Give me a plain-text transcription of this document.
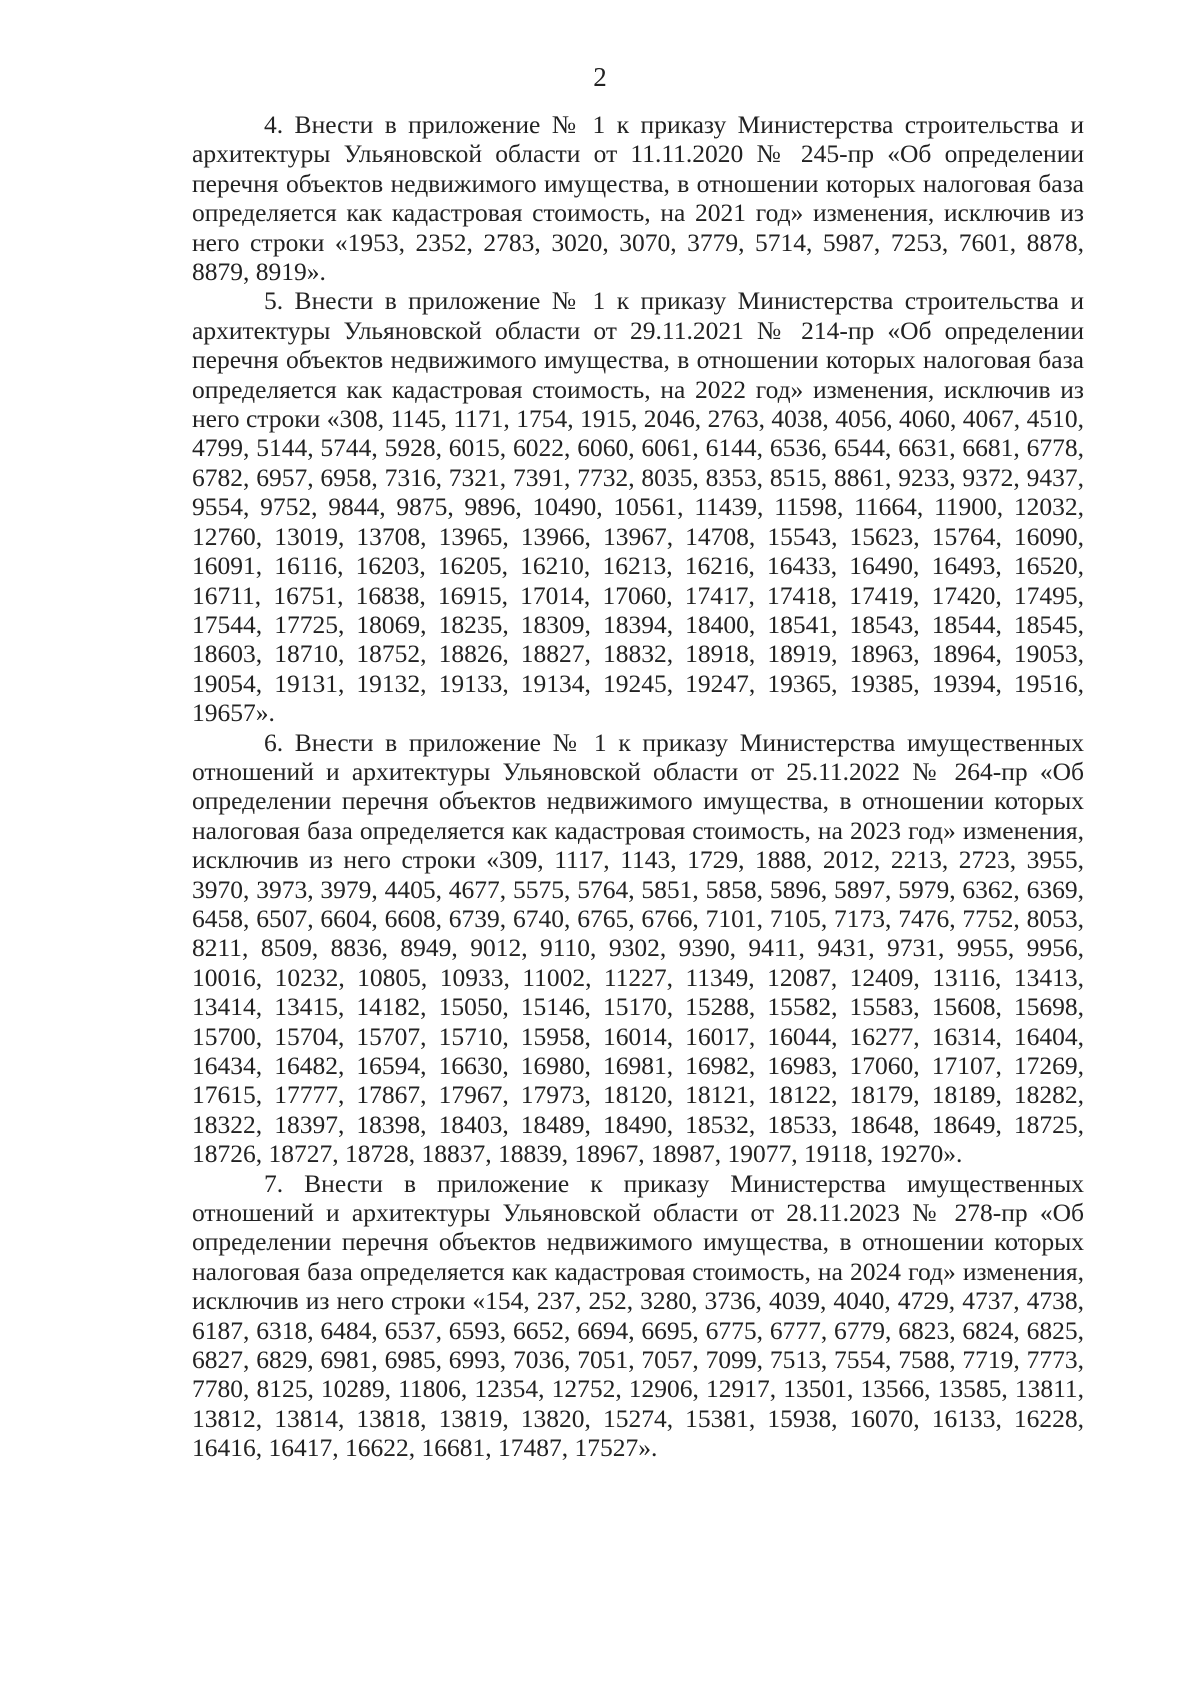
2

4. Внести в приложение № 1 к приказу Министерства строительства и архитектуры Ульяновской области от 11.11.2020 № 245-пр «Об определении перечня объектов недвижимого имущества, в отношении которых налоговая база определяется как кадастровая стоимость, на 2021 год» изменения, исключив из него строки «1953, 2352, 2783, 3020, 3070, 3779, 5714, 5987, 7253, 7601, 8878, 8879, 8919».

5. Внести в приложение № 1 к приказу Министерства строительства и архитектуры Ульяновской области от 29.11.2021 № 214-пр «Об определении перечня объектов недвижимого имущества, в отношении которых налоговая база определяется как кадастровая стоимость, на 2022 год» изменения, исключив из него строки «308, 1145, 1171, 1754, 1915, 2046, 2763, 4038, 4056, 4060, 4067, 4510, 4799, 5144, 5744, 5928, 6015, 6022, 6060, 6061, 6144, 6536, 6544, 6631, 6681, 6778, 6782, 6957, 6958, 7316, 7321, 7391, 7732, 8035, 8353, 8515, 8861, 9233, 9372, 9437, 9554, 9752, 9844, 9875, 9896, 10490, 10561, 11439, 11598, 11664, 11900, 12032, 12760, 13019, 13708, 13965, 13966, 13967, 14708, 15543, 15623, 15764, 16090, 16091, 16116, 16203, 16205, 16210, 16213, 16216, 16433, 16490, 16493, 16520, 16711, 16751, 16838, 16915, 17014, 17060, 17417, 17418, 17419, 17420, 17495, 17544, 17725, 18069, 18235, 18309, 18394, 18400, 18541, 18543, 18544, 18545, 18603, 18710, 18752, 18826, 18827, 18832, 18918, 18919, 18963, 18964, 19053, 19054, 19131, 19132, 19133, 19134, 19245, 19247, 19365, 19385, 19394, 19516, 19657».

6. Внести в приложение № 1 к приказу Министерства имущественных отношений и архитектуры Ульяновской области от 25.11.2022 № 264-пр «Об определении перечня объектов недвижимого имущества, в отношении которых налоговая база определяется как кадастровая стоимость, на 2023 год» изменения, исключив из него строки «309, 1117, 1143, 1729, 1888, 2012, 2213, 2723, 3955, 3970, 3973, 3979, 4405, 4677, 5575, 5764, 5851, 5858, 5896, 5897, 5979, 6362, 6369, 6458, 6507, 6604, 6608, 6739, 6740, 6765, 6766, 7101, 7105, 7173, 7476, 7752, 8053, 8211, 8509, 8836, 8949, 9012, 9110, 9302, 9390, 9411, 9431, 9731, 9955, 9956, 10016, 10232, 10805, 10933, 11002, 11227, 11349, 12087, 12409, 13116, 13413, 13414, 13415, 14182, 15050, 15146, 15170, 15288, 15582, 15583, 15608, 15698, 15700, 15704, 15707, 15710, 15958, 16014, 16017, 16044, 16277, 16314, 16404, 16434, 16482, 16594, 16630, 16980, 16981, 16982, 16983, 17060, 17107, 17269, 17615, 17777, 17867, 17967, 17973, 18120, 18121, 18122, 18179, 18189, 18282, 18322, 18397, 18398, 18403, 18489, 18490, 18532, 18533, 18648, 18649, 18725, 18726, 18727, 18728, 18837, 18839, 18967, 18987, 19077, 19118, 19270».

7. Внести в приложение к приказу Министерства имущественных отношений и архитектуры Ульяновской области от 28.11.2023 № 278-пр «Об определении перечня объектов недвижимого имущества, в отношении которых налоговая база определяется как кадастровая стоимость, на 2024 год» изменения, исключив из него строки «154, 237, 252, 3280, 3736, 4039, 4040, 4729, 4737, 4738, 6187, 6318, 6484, 6537, 6593, 6652, 6694, 6695, 6775, 6777, 6779, 6823, 6824, 6825, 6827, 6829, 6981, 6985, 6993, 7036, 7051, 7057, 7099, 7513, 7554, 7588, 7719, 7773, 7780, 8125, 10289, 11806, 12354, 12752, 12906, 12917, 13501, 13566, 13585, 13811, 13812, 13814, 13818, 13819, 13820, 15274, 15381, 15938, 16070, 16133, 16228, 16416, 16417, 16622, 16681, 17487, 17527».
